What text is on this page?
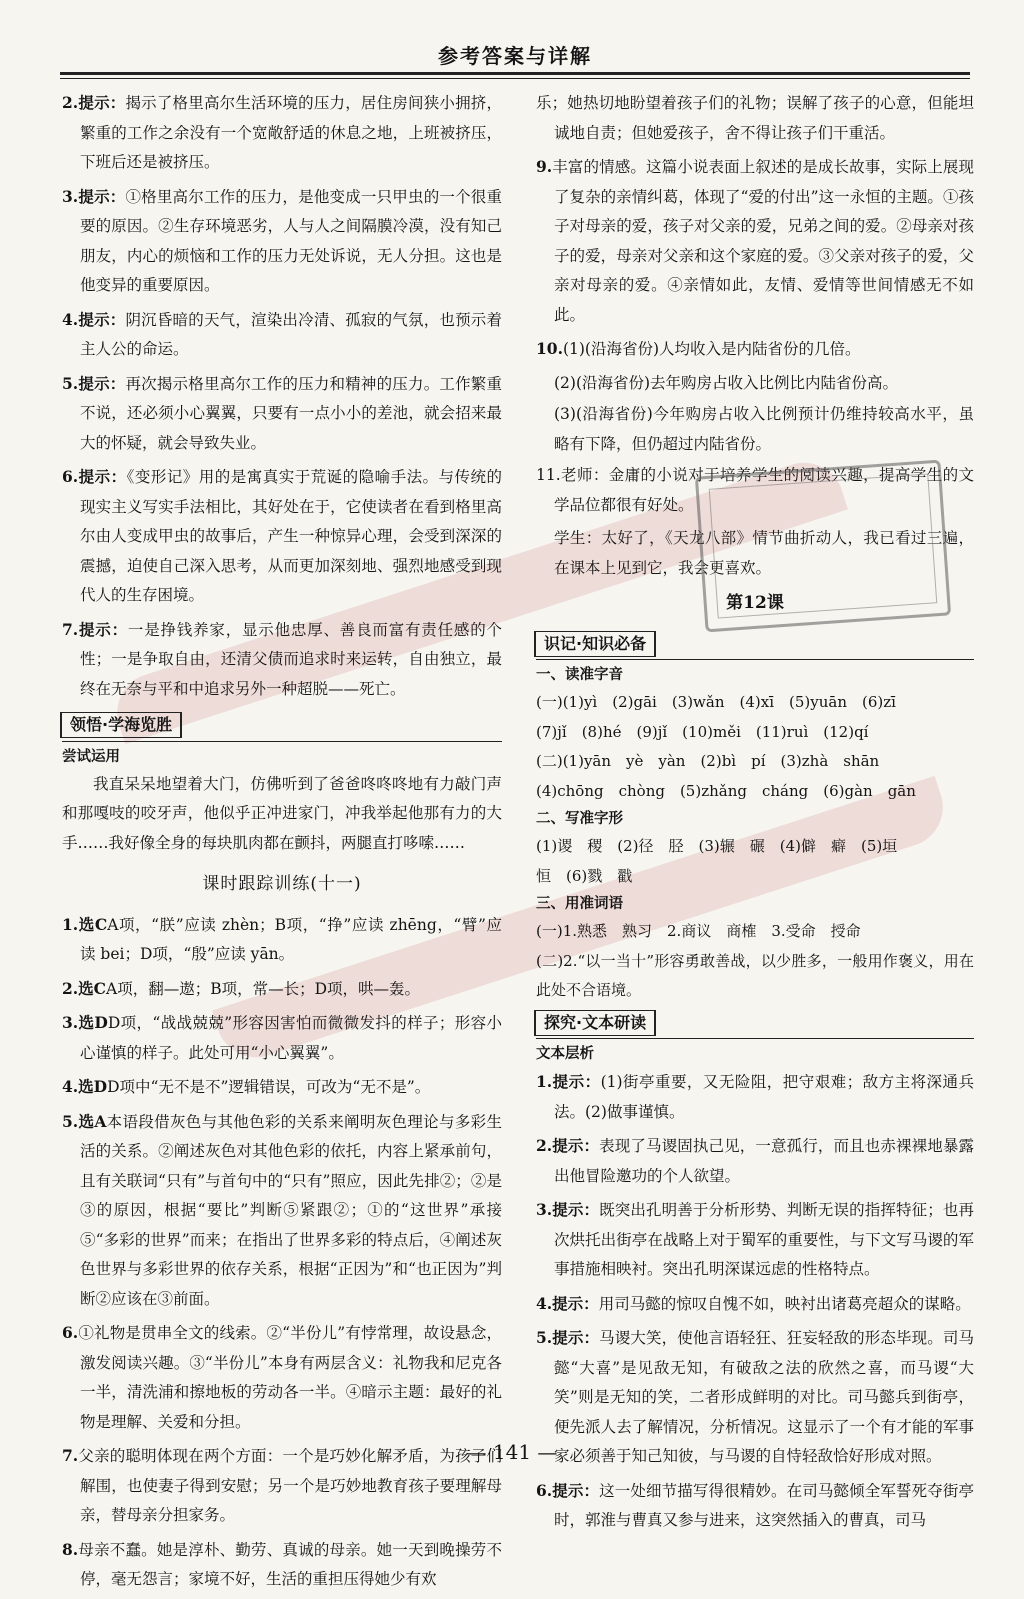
参考答案与详解

2.提示：揭示了格里高尔生活环境的压力，居住房间狭小拥挤，繁重的工作之余没有一个宽敞舒适的休息之地，上班被挤压，下班后还是被挤压。

3.提示：①格里高尔工作的压力，是他变成一只甲虫的一个很重要的原因。②生存环境恶劣，人与人之间隔膜冷漠，没有知己朋友，内心的烦恼和工作的压力无处诉说，无人分担。这也是他变异的重要原因。

4.提示：阴沉昏暗的天气，渲染出冷清、孤寂的气氛，也预示着主人公的命运。

5.提示：再次揭示格里高尔工作的压力和精神的压力。工作繁重不说，还必须小心翼翼，只要有一点小小的差池，就会招来最大的怀疑，就会导致失业。

6.提示：《变形记》用的是寓真实于荒诞的隐喻手法。与传统的现实主义写实手法相比，其好处在于，它使读者在看到格里高尔由人变成甲虫的故事后，产生一种惊异心理，会受到深深的震撼，迫使自己深入思考，从而更加深刻地、强烈地感受到现代人的生存困境。

7.提示：一是挣钱养家，显示他忠厚、善良而富有责任感的个性；一是争取自由，还清父债而追求时来运转，自由独立，最终在无奈与平和中追求另外一种超脱——死亡。

领悟·学海览胜
尝试运用

我直呆呆地望着大门，仿佛听到了爸爸咚咚咚地有力敲门声和那嘎吱的咬牙声，他似乎正冲进家门，冲我举起他那有力的大手……我好像全身的每块肌肉都在颤抖，两腿直打哆嗦……

课时跟踪训练(十一)

1.选CA项，“朕”应读 zhèn；B项，“挣”应读 zhēng，“臂”应读 bei；D项，“殷”应读 yān。

2.选CA项，翻—遨；B项，常—长；D项，哄—轰。

3.选DD项，“战战兢兢”形容因害怕而微微发抖的样子；形容小心谨慎的样子。此处可用“小心翼翼”。

4.选DD项中“无不是不”逻辑错误，可改为“无不是”。

5.选A本语段借灰色与其他色彩的关系来阐明灰色理论与多彩生活的关系。②阐述灰色对其他色彩的依托，内容上紧承前句，且有关联词“只有”与首句中的“只有”照应，因此先排②；②是③的原因，根据“要比”判断⑤紧跟②；①的“这世界”承接⑤“多彩的世界”而来；在指出了世界多彩的特点后，④阐述灰色世界与多彩世界的依存关系，根据“正因为”和“也正因为”判断②应该在③前面。

6.①礼物是贯串全文的线索。②“半份儿”有悖常理，故设悬念，激发阅读兴趣。③“半份儿”本身有两层含义：礼物我和尼克各一半，清洗浦和擦地板的劳动各一半。④暗示主题：最好的礼物是理解、关爱和分担。

7.父亲的聪明体现在两个方面：一个是巧妙化解矛盾，为孩子们解围，也使妻子得到安慰；另一个是巧妙地教育孩子要理解母亲，替母亲分担家务。

8.母亲不蠢。她是淳朴、勤劳、真诚的母亲。她一天到晚操劳不停，毫无怨言；家境不好，生活的重担压得她少有欢

乐；她热切地盼望着孩子们的礼物；误解了孩子的心意，但能坦诚地自责；但她爱孩子，舍不得让孩子们干重活。

9.丰富的情感。这篇小说表面上叙述的是成长故事，实际上展现了复杂的亲情纠葛，体现了“爱的付出”这一永恒的主题。①孩子对母亲的爱，孩子对父亲的爱，兄弟之间的爱。②母亲对孩子的爱，母亲对父亲和这个家庭的爱。③父亲对孩子的爱，父亲对母亲的爱。④亲情如此，友情、爱情等世间情感无不如此。

10.(1)(沿海省份)人均收入是内陆省份的几倍。

(2)(沿海省份)去年购房占收入比例比内陆省份高。
(3)(沿海省份)今年购房占收入比例预计仍维持较高水平，虽略有下降，但仍超过内陆省份。

11.老师：金庸的小说对于培养学生的阅读兴趣，提高学生的文学品位都很有好处。

学生：太好了，《天龙八部》情节曲折动人，我已看过三遍，在课本上见到它，我会更喜欢。
第12课
识记·知识必备
一、读准字音
(一)(1)yì　(2)gāi　(3)wǎn　(4)xī　(5)yuān　(6)zī
(7)jǐ　(8)hé　(9)jǐ　(10)měi　(11)ruì　(12)qí
(二)(1)yān　yè　yàn　(2)bì　pí　(3)zhà　shān
(4)chōng　chòng　(5)zhǎng　cháng　(6)gàn　gān
二、写准字形
(1)谡　稷　(2)径　胫　(3)辗　碾　(4)僻　癖　(5)垣
恒　(6)戮　戳
三、用准词语
(一)1.熟悉　熟习　2.商议　商榷　3.受命　授命
(二)2.“以一当十”形容勇敢善战，以少胜多，一般用作褒义，用在此处不合语境。
探究·文本研读
文本层析

1.提示：(1)街亭重要，又无险阻，把守艰难；敌方主将深通兵法。(2)做事谨慎。

2.提示：表现了马谡固执己见，一意孤行，而且也赤裸裸地暴露出他冒险邀功的个人欲望。

3.提示：既突出孔明善于分析形势、判断无误的指挥特征；也再次烘托出街亭在战略上对于蜀军的重要性，与下文写马谡的军事措施相映衬。突出孔明深谋远虑的性格特点。

4.提示：用司马懿的惊叹自愧不如，映衬出诸葛亮超众的谋略。

5.提示：马谡大笑，使他言语轻狂、狂妄轻敌的形态毕现。司马懿“大喜”是见敌无知，有破敌之法的欣然之喜，而马谡“大笑”则是无知的笑，二者形成鲜明的对比。司马懿兵到街亭，便先派人去了解情况，分析情况。这显示了一个有才能的军事家必须善于知己知彼，与马谡的自恃轻敌恰好形成对照。

6.提示：这一处细节描写得很精妙。在司马懿倾全军誓死夺街亭时，郭淮与曹真又参与进来，这突然插入的曹真，司马

— 141 —
